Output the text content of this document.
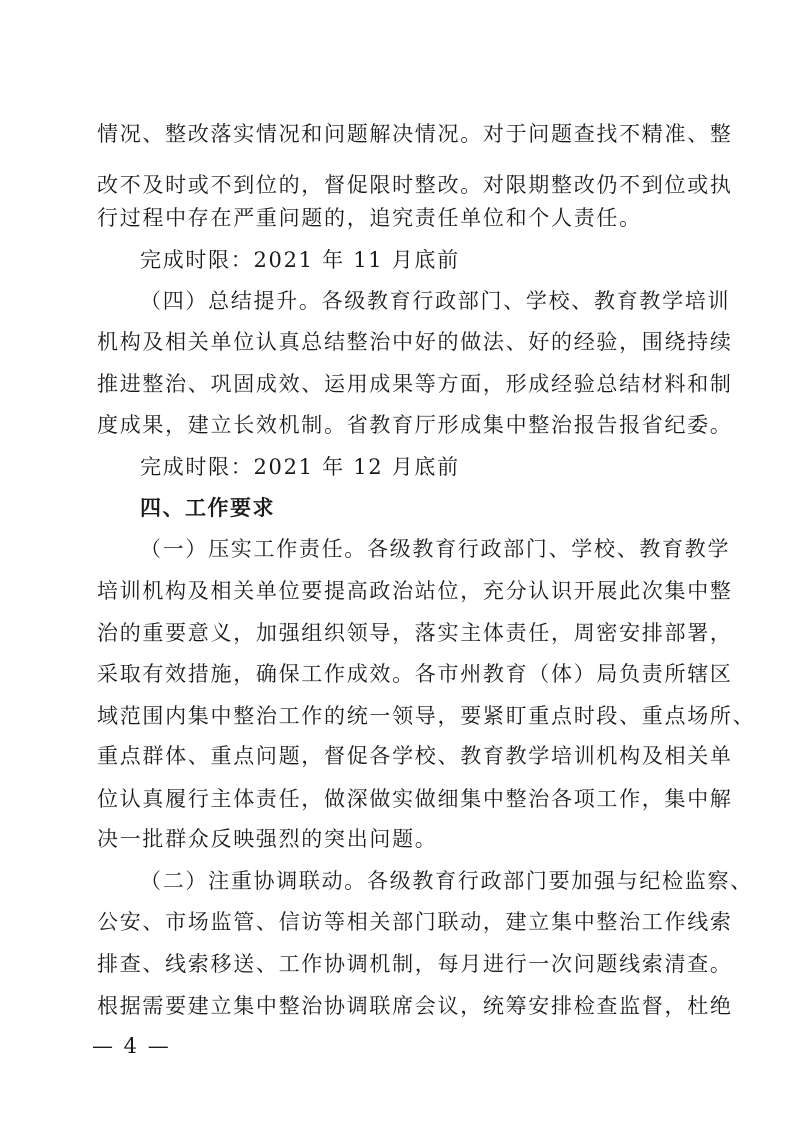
情况、整改落实情况和问题解决情况。对于问题查找不精准、整
改不及时或不到位的，督促限时整改。对限期整改仍不到位或执
行过程中存在严重问题的，追究责任单位和个人责任。
完成时限：2021 年 11 月底前
（四）总结提升。各级教育行政部门、学校、教育教学培训
机构及相关单位认真总结整治中好的做法、好的经验，围绕持续
推进整治、巩固成效、运用成果等方面，形成经验总结材料和制
度成果，建立长效机制。省教育厅形成集中整治报告报省纪委。
完成时限：2021 年 12 月底前
四、工作要求
（一）压实工作责任。各级教育行政部门、学校、教育教学
培训机构及相关单位要提高政治站位，充分认识开展此次集中整
治的重要意义，加强组织领导，落实主体责任，周密安排部署，
采取有效措施，确保工作成效。各市州教育（体）局负责所辖区
域范围内集中整治工作的统一领导，要紧盯重点时段、重点场所、
重点群体、重点问题，督促各学校、教育教学培训机构及相关单
位认真履行主体责任，做深做实做细集中整治各项工作，集中解
决一批群众反映强烈的突出问题。
（二）注重协调联动。各级教育行政部门要加强与纪检监察、
公安、市场监管、信访等相关部门联动，建立集中整治工作线索
排查、线索移送、工作协调机制，每月进行一次问题线索清查。
根据需要建立集中整治协调联席会议，统筹安排检查监督，杜绝
— 4 —
